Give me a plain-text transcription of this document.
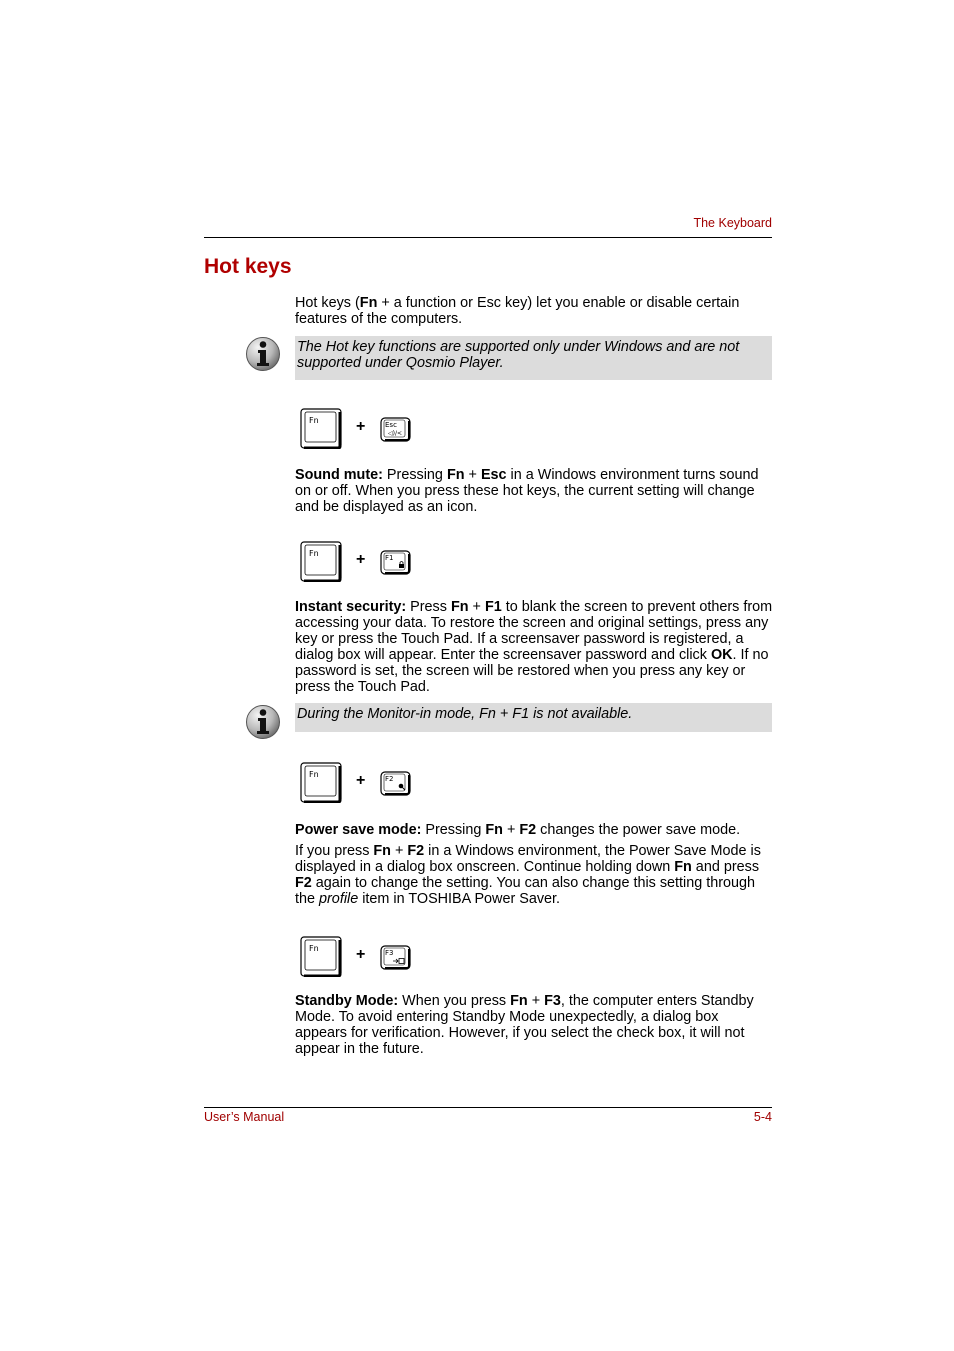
The Keyboard
Hot keys
Hot keys (Fn + a function or Esc key) let you enable or disable certain features of the computers.
The Hot key functions are supported only under Windows and are not supported under Qosmio Player.
Fn +	Esc
◁)/<
Sound mute: Pressing Fn + Esc in a Windows environment turns sound on or off. When you press these hot keys, the current setting will change and be displayed as an icon.
Fn +	F1
Instant security: Press Fn + F1 to blank the screen to prevent others from accessing your data. To restore the screen and original settings, press any key or press the Touch Pad. If a screensaver password is registered, a dialog box will appear. Enter the screensaver password and click OK. If no password is set, the screen will be restored when you press any key or press the Touch Pad.
During the Monitor-in mode, Fn + F1 is not available.
Fn +	F2
Power save mode: Pressing Fn + F2 changes the power save mode.
If you press Fn + F2 in a Windows environment, the Power Save Mode is displayed in a dialog box onscreen. Continue holding down Fn and press F2 again to change the setting. You can also change this setting through the profile item in TOSHIBA Power Saver.
Fn +	F3
Standby Mode: When you press Fn + F3, the computer enters Standby Mode. To avoid entering Standby Mode unexpectedly, a dialog box appears for verification. However, if you select the check box, it will not appear in the future.
User’s Manual	5-4
